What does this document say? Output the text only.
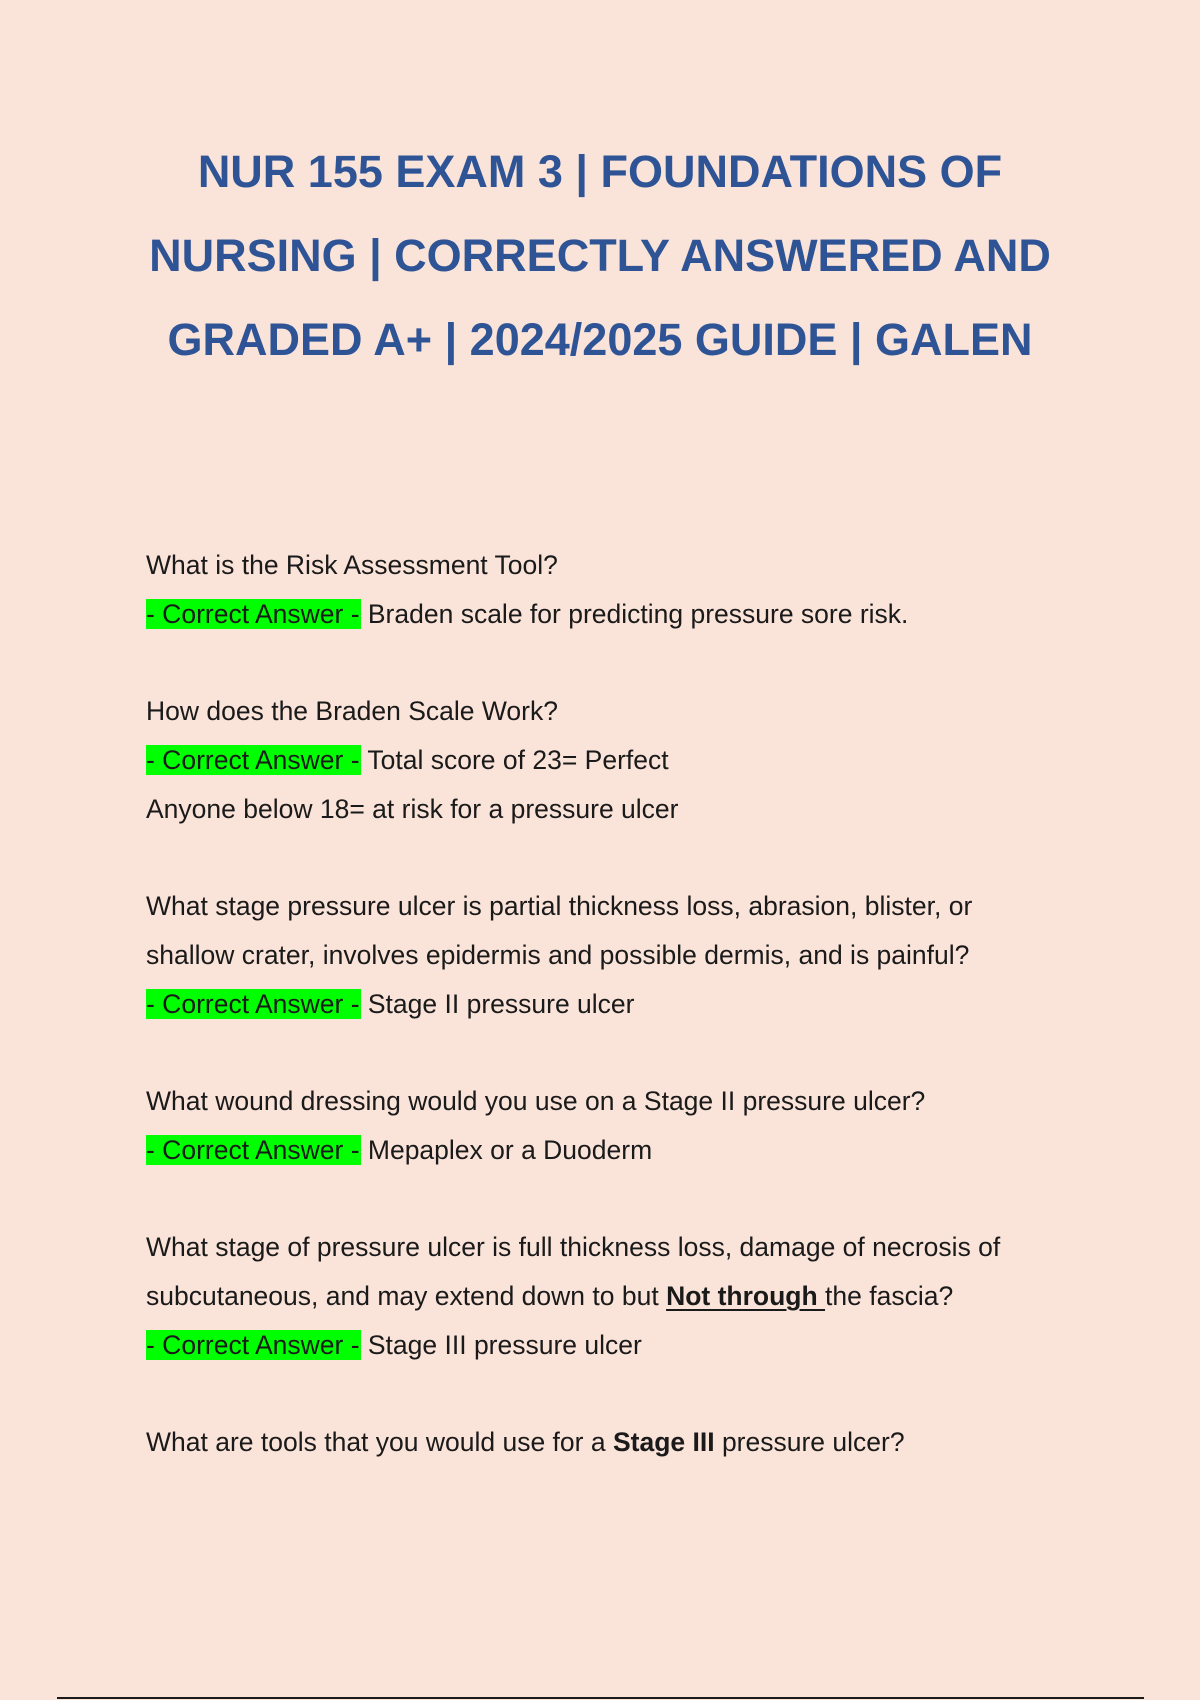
NUR 155 EXAM 3 | FOUNDATIONS OF NURSING | CORRECTLY ANSWERED AND GRADED A+ | 2024/2025 GUIDE | GALEN
What is the Risk Assessment Tool?
- Correct Answer - Braden scale for predicting pressure sore risk.
How does the Braden Scale Work?
- Correct Answer - Total score of 23= Perfect
Anyone below 18= at risk for a pressure ulcer
What stage pressure ulcer is partial thickness loss, abrasion, blister, or
shallow crater, involves epidermis and possible dermis, and is painful?
- Correct Answer - Stage II pressure ulcer
What wound dressing would you use on a Stage II pressure ulcer?
- Correct Answer - Mepaplex or a Duoderm
What stage of pressure ulcer is full thickness loss, damage of necrosis of
subcutaneous, and may extend down to but Not through the fascia?
- Correct Answer - Stage III pressure ulcer
What are tools that you would use for a Stage III pressure ulcer?
